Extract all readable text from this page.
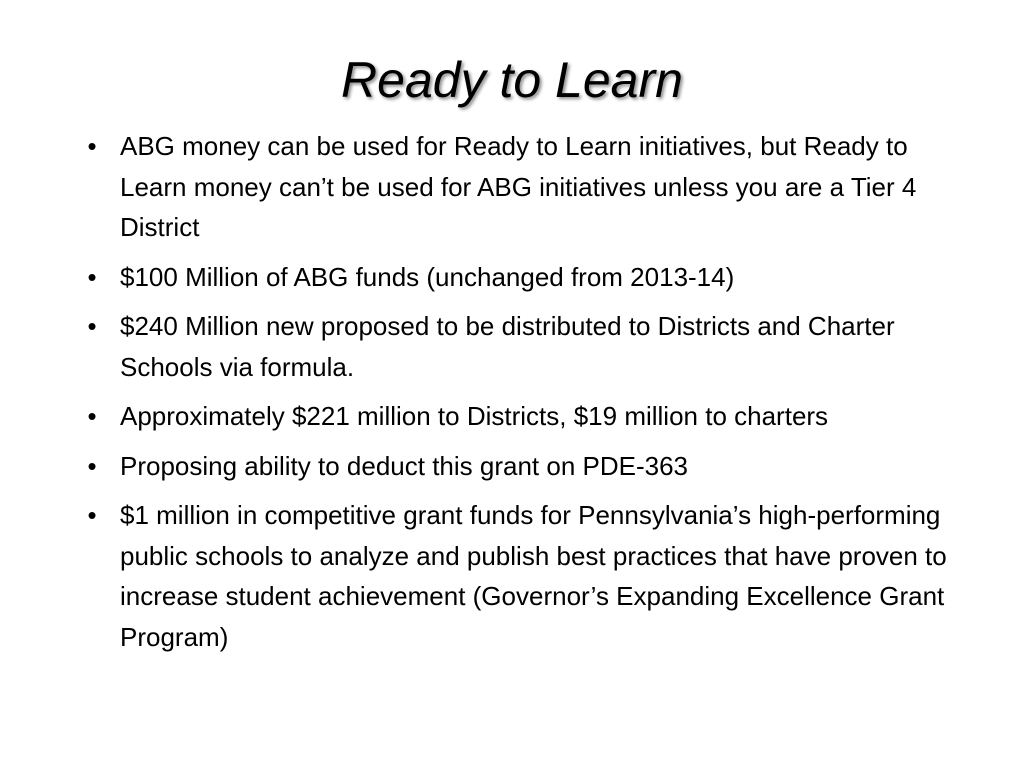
Ready to Learn
• ABG money can be used for Ready to Learn initiatives, but Ready to Learn money can’t be used for ABG initiatives unless you are a Tier 4 District
• $100 Million of ABG funds (unchanged from 2013-14)
• $240 Million new proposed to be distributed to Districts and Charter Schools via formula.
• Approximately $221 million to Districts, $19 million to charters
• Proposing ability to deduct this grant on PDE-363
• $1 million in competitive grant funds for Pennsylvania’s high-performing public schools to analyze and publish best practices that have proven to increase student achievement (Governor’s Expanding Excellence Grant Program)
